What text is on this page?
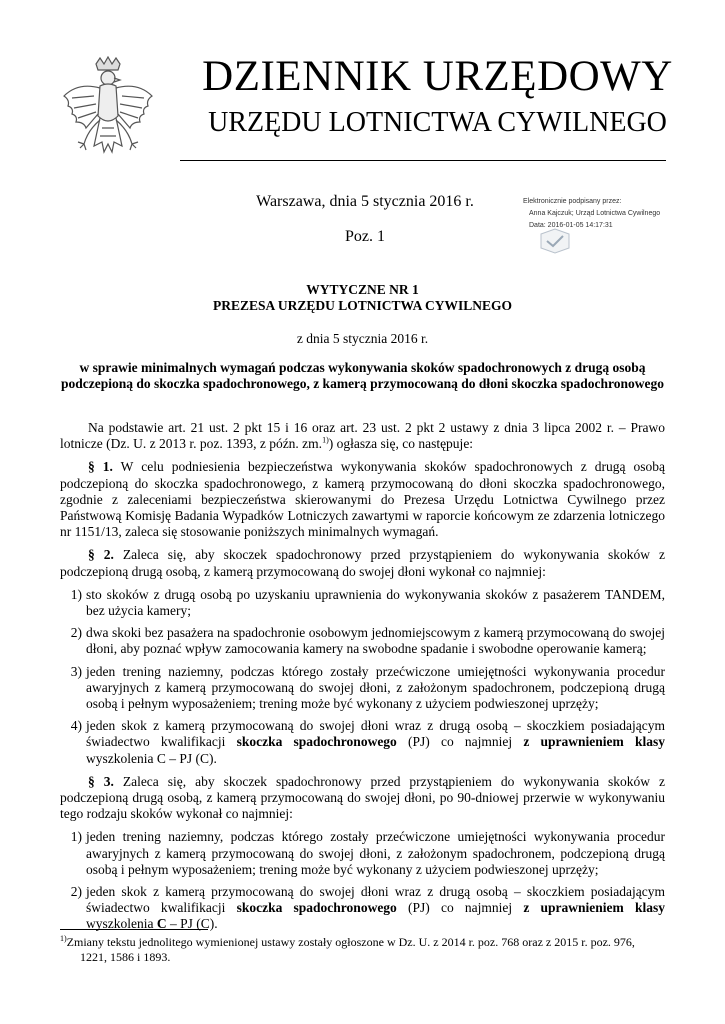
DZIENNIK URZĘDOWY
URZĘDU LOTNICTWA CYWILNEGO
Warszawa, dnia 5 stycznia 2016 r.
Poz. 1
Elektronicznie podpisany przez:
Anna Kajczuk; Urząd Lotnictwa Cywilnego
Data: 2016-01-05 14:17:31
WYTYCZNE NR 1
PREZESA URZĘDU LOTNICTWA CYWILNEGO
z dnia 5 stycznia 2016 r.
w sprawie minimalnych wymagań podczas wykonywania skoków spadochronowych z drugą osobą podczepioną do skoczka spadochronowego, z kamerą przymocowaną do dłoni skoczka spadochronowego

Na podstawie art. 21 ust. 2 pkt 15 i 16 oraz art. 23 ust. 2 pkt 2 ustawy z dnia 3 lipca 2002 r. – Prawo lotnicze (Dz. U. z 2013 r. poz. 1393, z późn. zm.$^{1)}$) ogłasza się, co następuje:

§ 1. W celu podniesienia bezpieczeństwa wykonywania skoków spadochronowych z drugą osobą podczepioną do skoczka spadochronowego, z kamerą przymocowaną do dłoni skoczka spadochronowego, zgodnie z zaleceniami bezpieczeństwa skierowanymi do Prezesa Urzędu Lotnictwa Cywilnego przez Państwową Komisję Badania Wypadków Lotniczych zawartymi w raporcie końcowym ze zdarzenia lotniczego nr 1151/13, zaleca się stosowanie poniższych minimalnych wymagań.

§ 2. Zaleca się, aby skoczek spadochronowy przed przystąpieniem do wykonywania skoków z podczepioną drugą osobą, z kamerą przymocowaną do swojej dłoni wykonał co najmniej:

1) sto skoków z drugą osobą po uzyskaniu uprawnienia do wykonywania skoków z pasażerem TANDEM, bez użycia kamery;
2) dwa skoki bez pasażera na spadochronie osobowym jednomiejscowym z kamerą przymocowaną do swojej dłoni, aby poznać wpływ zamocowania kamery na swobodne spadanie i swobodne operowanie kamerą;
3) jeden trening naziemny, podczas którego zostały przećwiczone umiejętności wykonywania procedur awaryjnych z kamerą przymocowaną do swojej dłoni, z założonym spadochronem, podczepioną drugą osobą i pełnym wyposażeniem; trening może być wykonany z użyciem podwieszonej uprzęży;
4) jeden skok z kamerą przymocowaną do swojej dłoni wraz z drugą osobą – skoczkiem posiadającym świadectwo kwalifikacji skoczka spadochronowego (PJ) co najmniej z uprawnieniem klasy wyszkolenia C – PJ (C).

§ 3. Zaleca się, aby skoczek spadochronowy przed przystąpieniem do wykonywania skoków z podczepioną drugą osobą, z kamerą przymocowaną do swojej dłoni, po 90-dniowej przerwie w wykonywaniu tego rodzaju skoków wykonał co najmniej:

1) jeden trening naziemny, podczas którego zostały przećwiczone umiejętności wykonywania procedur awaryjnych z kamerą przymocowaną do swojej dłoni, z założonym spadochronem, podczepioną drugą osobą i pełnym wyposażeniem; trening może być wykonany z użyciem podwieszonej uprzęży;
2) jeden skok z kamerą przymocowaną do swojej dłoni wraz z drugą osobą – skoczkiem posiadającym świadectwo kwalifikacji skoczka spadochronowego (PJ) co najmniej z uprawnieniem klasy wyszkolenia C – PJ (C).
$^{1)}$Zmiany tekstu jednolitego wymienionej ustawy zostały ogłoszone w Dz. U. z 2014 r. poz. 768 oraz z 2015 r. poz. 976,
1221, 1586 i 1893.
